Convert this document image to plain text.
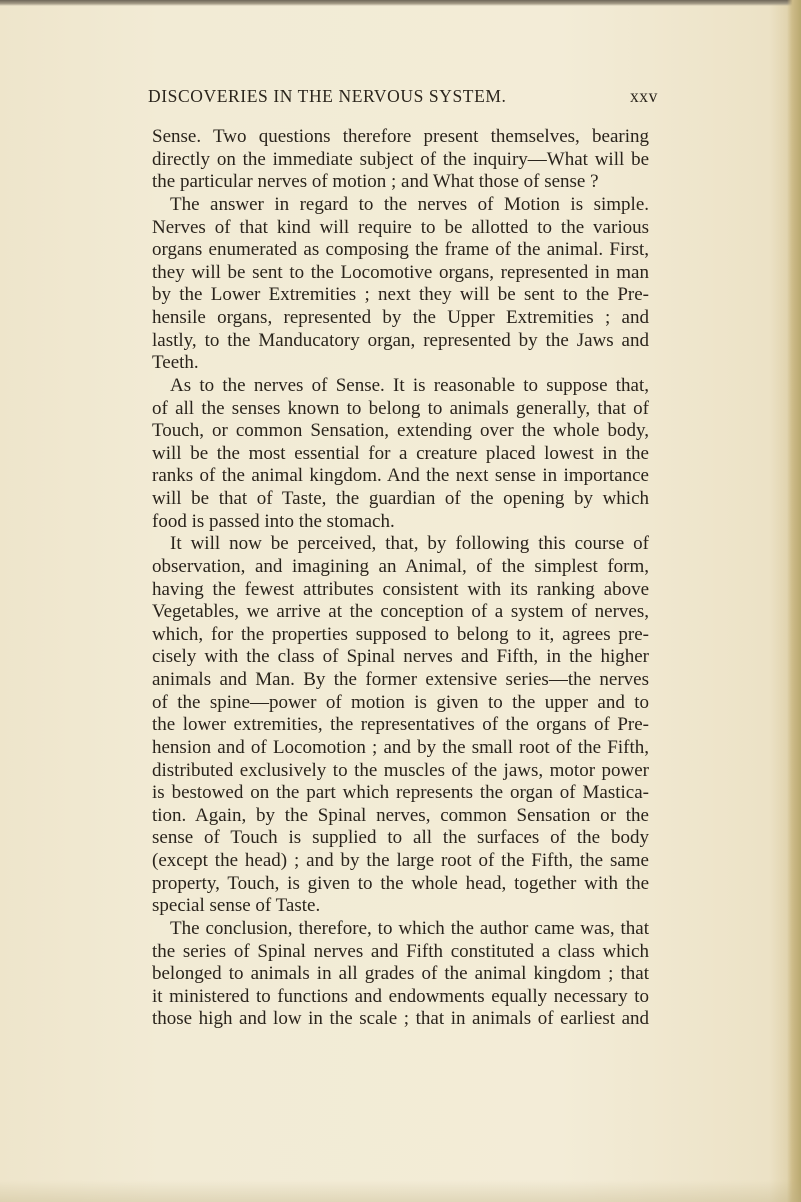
DISCOVERIES IN THE NERVOUS SYSTEM.	xxv
Sense. Two questions therefore present themselves, bearing
directly on the immediate subject of the inquiry—What will be
the particular nerves of motion ; and What those of sense ?
The answer in regard to the nerves of Motion is simple.
Nerves of that kind will require to be allotted to the various
organs enumerated as composing the frame of the animal. First,
they will be sent to the Locomotive organs, represented in man
by the Lower Extremities ; next they will be sent to the Pre-
hensile organs, represented by the Upper Extremities ; and
lastly, to the Manducatory organ, represented by the Jaws and
Teeth.
As to the nerves of Sense. It is reasonable to suppose that,
of all the senses known to belong to animals generally, that of
Touch, or common Sensation, extending over the whole body,
will be the most essential for a creature placed lowest in the
ranks of the animal kingdom. And the next sense in importance
will be that of Taste, the guardian of the opening by which
food is passed into the stomach.
It will now be perceived, that, by following this course of
observation, and imagining an Animal, of the simplest form,
having the fewest attributes consistent with its ranking above
Vegetables, we arrive at the conception of a system of nerves,
which, for the properties supposed to belong to it, agrees pre-
cisely with the class of Spinal nerves and Fifth, in the higher
animals and Man. By the former extensive series—the nerves
of the spine—power of motion is given to the upper and to
the lower extremities, the representatives of the organs of Pre-
hension and of Locomotion ; and by the small root of the Fifth,
distributed exclusively to the muscles of the jaws, motor power
is bestowed on the part which represents the organ of Mastica-
tion. Again, by the Spinal nerves, common Sensation or the
sense of Touch is supplied to all the surfaces of the body
(except the head) ; and by the large root of the Fifth, the same
property, Touch, is given to the whole head, together with the
special sense of Taste.
The conclusion, therefore, to which the author came was, that
the series of Spinal nerves and Fifth constituted a class which
belonged to animals in all grades of the animal kingdom ; that
it ministered to functions and endowments equally necessary to
those high and low in the scale ; that in animals of earliest and
